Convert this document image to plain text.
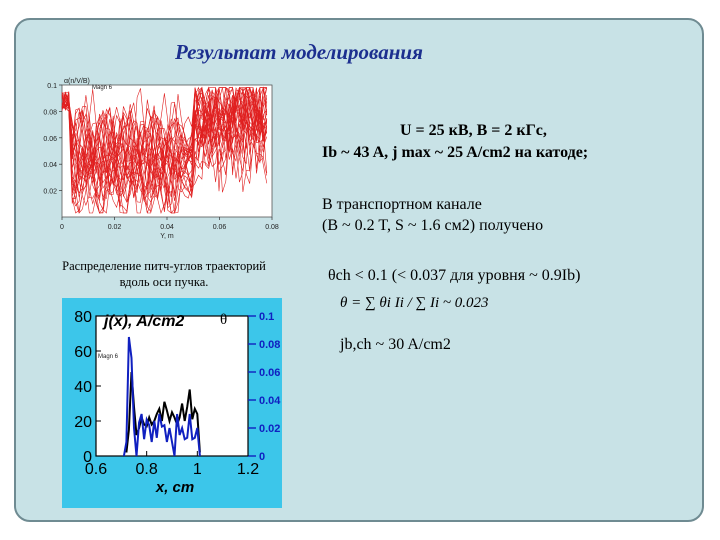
Результат моделирования
0.1
0.08
0.06
0.04
0.02
0	0.02	0.04	0.06	0.08
α(n/V/B)
Y, m
Magn 6
80
60
40
20
0
0.1
0.08
0.06
0.04
0.02
0
0.6 0.8 1 1.2
j(x), A/cm2 θ
x, cm
Magn 6
Распределение питч-углов траекторий
вдоль оси пучка.
U = 25 кВ, B = 2 кГс,
Ib ~ 43 A, j max ~ 25 A/cm2 на катоде;
В транспортном канале
(B ~ 0.2 T, S ~ 1.6 см2) получено
θch < 0.1 (< 0.037 для уровня ~ 0.9Ib)
θ = ∑ θi Ii / ∑ Ii ~ 0.023
jb,ch ~ 30 A/cm2
